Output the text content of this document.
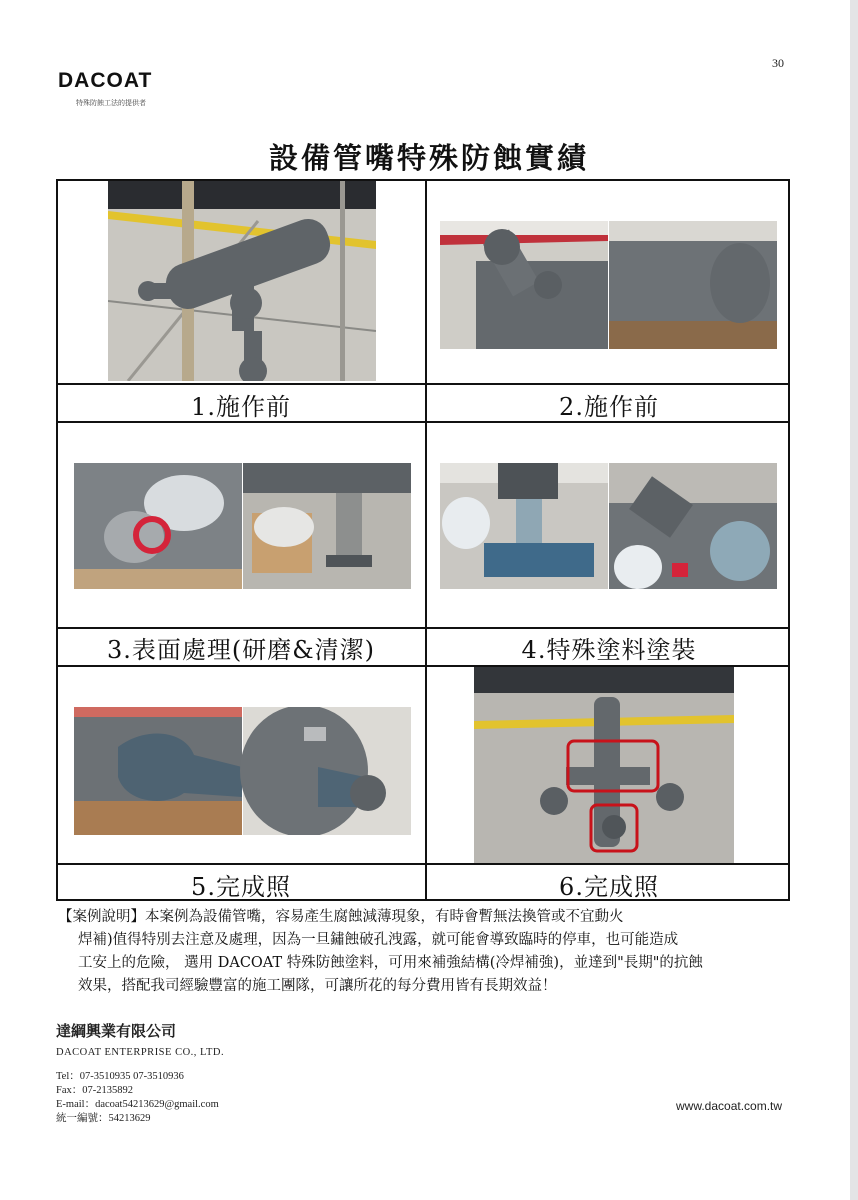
30
DACOAT
特殊防蝕工法的提供者
設備管嘴特殊防蝕實績
1.施作前	2.施作前
3.表面處理(研磨&清潔)	4.特殊塗料塗裝
5.完成照	6.完成照

【案例說明】本案例為設備管嘴，容易產生腐蝕減薄現象，有時會暫無法換管或不宜動火

焊補)值得特別去注意及處理，因為一旦鏽蝕破孔洩露，就可能會導致臨時的停車，也可能造成

工安上的危險， 選用 DACOAT 特殊防蝕塗料，可用來補強結構(冷焊補強)，並達到"長期"的抗蝕

效果，搭配我司經驗豐富的施工團隊，可讓所花的每分費用皆有長期效益！

達綱興業有限公司
DACOAT ENTERPRISE CO., LTD.
Tel：07-3510935 07-3510936
Fax：07-2135892
E-mail：dacoat54213629@gmail.com
統一編號：54213629
www.dacoat.com.tw
